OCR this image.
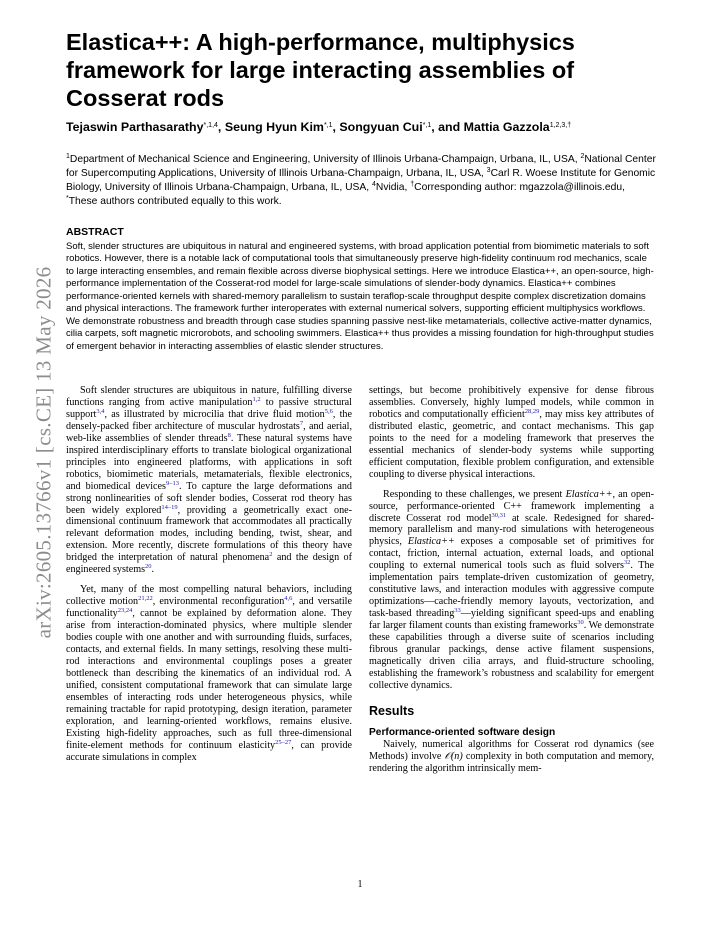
Elastica++: A high-performance, multiphysics framework for large interacting assemblies of Cosserat rods
Tejaswin Parthasarathy$^{*,1,4}$, Seung Hyun Kim$^{*,1}$, Songyuan Cui$^{*,1}$, and Mattia Gazzola$^{1,2,3,\dagger}$
$^1$Department of Mechanical Science and Engineering, University of Illinois Urbana-Champaign, Urbana, IL, USA, $^2$National Center for Supercomputing Applications, University of Illinois Urbana-Champaign, Urbana, IL, USA, $^3$Carl R. Woese Institute for Genomic Biology, University of Illinois Urbana-Champaign, Urbana, IL, USA, $^4$Nvidia, †Corresponding author: mgazzola@illinois.edu, *These authors contributed equally to this work.
ABSTRACT
Soft, slender structures are ubiquitous in natural and engineered systems, with broad application potential from biomimetic materials to soft robotics. However, there is a notable lack of computational tools that simultaneously preserve high-fidelity continuum rod mechanics, scale to large interacting ensembles, and remain flexible across diverse biophysical settings. Here we introduce Elastica++, an open-source, high-performance implementation of the Cosserat-rod model for large-scale simulations of slender-body dynamics. Elastica++ combines performance-oriented kernels with shared-memory parallelism to sustain teraflop-scale throughput despite complex discretization domains and physical interactions. The framework further interoperates with external numerical solvers, supporting efficient multiphysics workflows. We demonstrate robustness and breadth through case studies spanning passive nest-like metamaterials, collective active-matter dynamics, cilia carpets, soft magnetic microrobots, and schooling swimmers. Elastica++ thus provides a missing foundation for high-throughput studies of emergent behavior in interacting assemblies of elastic slender structures.
arXiv:2605.13766v1 [cs.CE] 13 May 2026	Soft slender structures are ubiquitous in nature, fulfilling diverse functions ranging from active manipulation$^{1,2}$ to passive structural support$^{3,4}$, as illustrated by microcilia that drive fluid motion$^{5,6}$, the densely-packed fiber architecture of muscular hydrostats$^7$, and aerial, web-like assemblies of slender threads$^8$. These natural systems have inspired interdisciplinary efforts to translate biological organizational principles into engineered platforms, with applications in soft robotics, biomimetic materials, metamaterials, flexible electronics, and biomedical devices$^{9-13}$. To capture the large deformations and strong nonlinearities of soft slender bodies, Cosserat rod theory has been widely explored$^{14-19}$, providing a geometrically exact one-dimensional continuum framework that accommodates all practically relevant deformation modes, including bending, twist, shear, and extension. More recently, discrete formulations of this theory have bridged the interpretation of natural phenomena$^2$ and the design of engineered systems$^{20}$.

Yet, many of the most compelling natural behaviors, including collective motion$^{21,22}$, environmental reconfiguration$^{4,6}$, and versatile functionality$^{23,24}$, cannot be explained by deformation alone. They arise from interaction-dominated physics, where multiple slender bodies couple with one another and with surrounding fluids, surfaces, contacts, and external fields. In many settings, resolving these multi-rod interactions and environmental couplings poses a greater bottleneck than describing the kinematics of an individual rod. A unified, consistent computational framework that can simulate large ensembles of interacting rods under heterogeneous physics, while remaining tractable for rapid prototyping, design iteration, parameter exploration, and learning-oriented workflows, remains elusive. Existing high-fidelity approaches, such as full three-dimensional finite-element methods for continuum elasticity$^{25-27}$, can provide accurate simulations in complex

settings, but become prohibitively expensive for dense fibrous assemblies. Conversely, highly lumped models, while common in robotics and computationally efficient$^{28,29}$, may miss key attributes of distributed elastic, geometric, and contact mechanisms. This gap points to the need for a modeling framework that preserves the essential mechanics of slender-body systems while supporting efficient computation, flexible problem configuration, and extensible coupling to diverse physical interactions.

Responding to these challenges, we present Elastica++, an open-source, performance-oriented C++ framework implementing a discrete Cosserat rod model$^{30,31}$ at scale. Redesigned for shared-memory parallelism and many-rod simulations with heterogeneous physics, Elastica++ exposes a composable set of primitives for contact, friction, internal actuation, external loads, and optional coupling to external numerical tools such as fluid solvers$^{32}$. The implementation pairs template-driven customization of geometry, constitutive laws, and interaction modules with aggressive compute optimizations—cache-friendly memory layouts, vectorization, and task-based threading$^{33}$—yielding significant speed-ups and enabling far larger filament counts than existing frameworks$^{30}$. We demonstrate these capabilities through a diverse suite of scenarios including fibrous granular packings, dense active filament suspensions, magnetically driven cilia arrays, and fluid-structure schooling, establishing the framework’s robustness and scalability for emergent collective dynamics.

Results
Performance-oriented software design

Naively, numerical algorithms for Cosserat rod dynamics (see Methods) involve 𝒪(n) complexity in both computation and memory, rendering the algorithm intrinsically mem-

1
